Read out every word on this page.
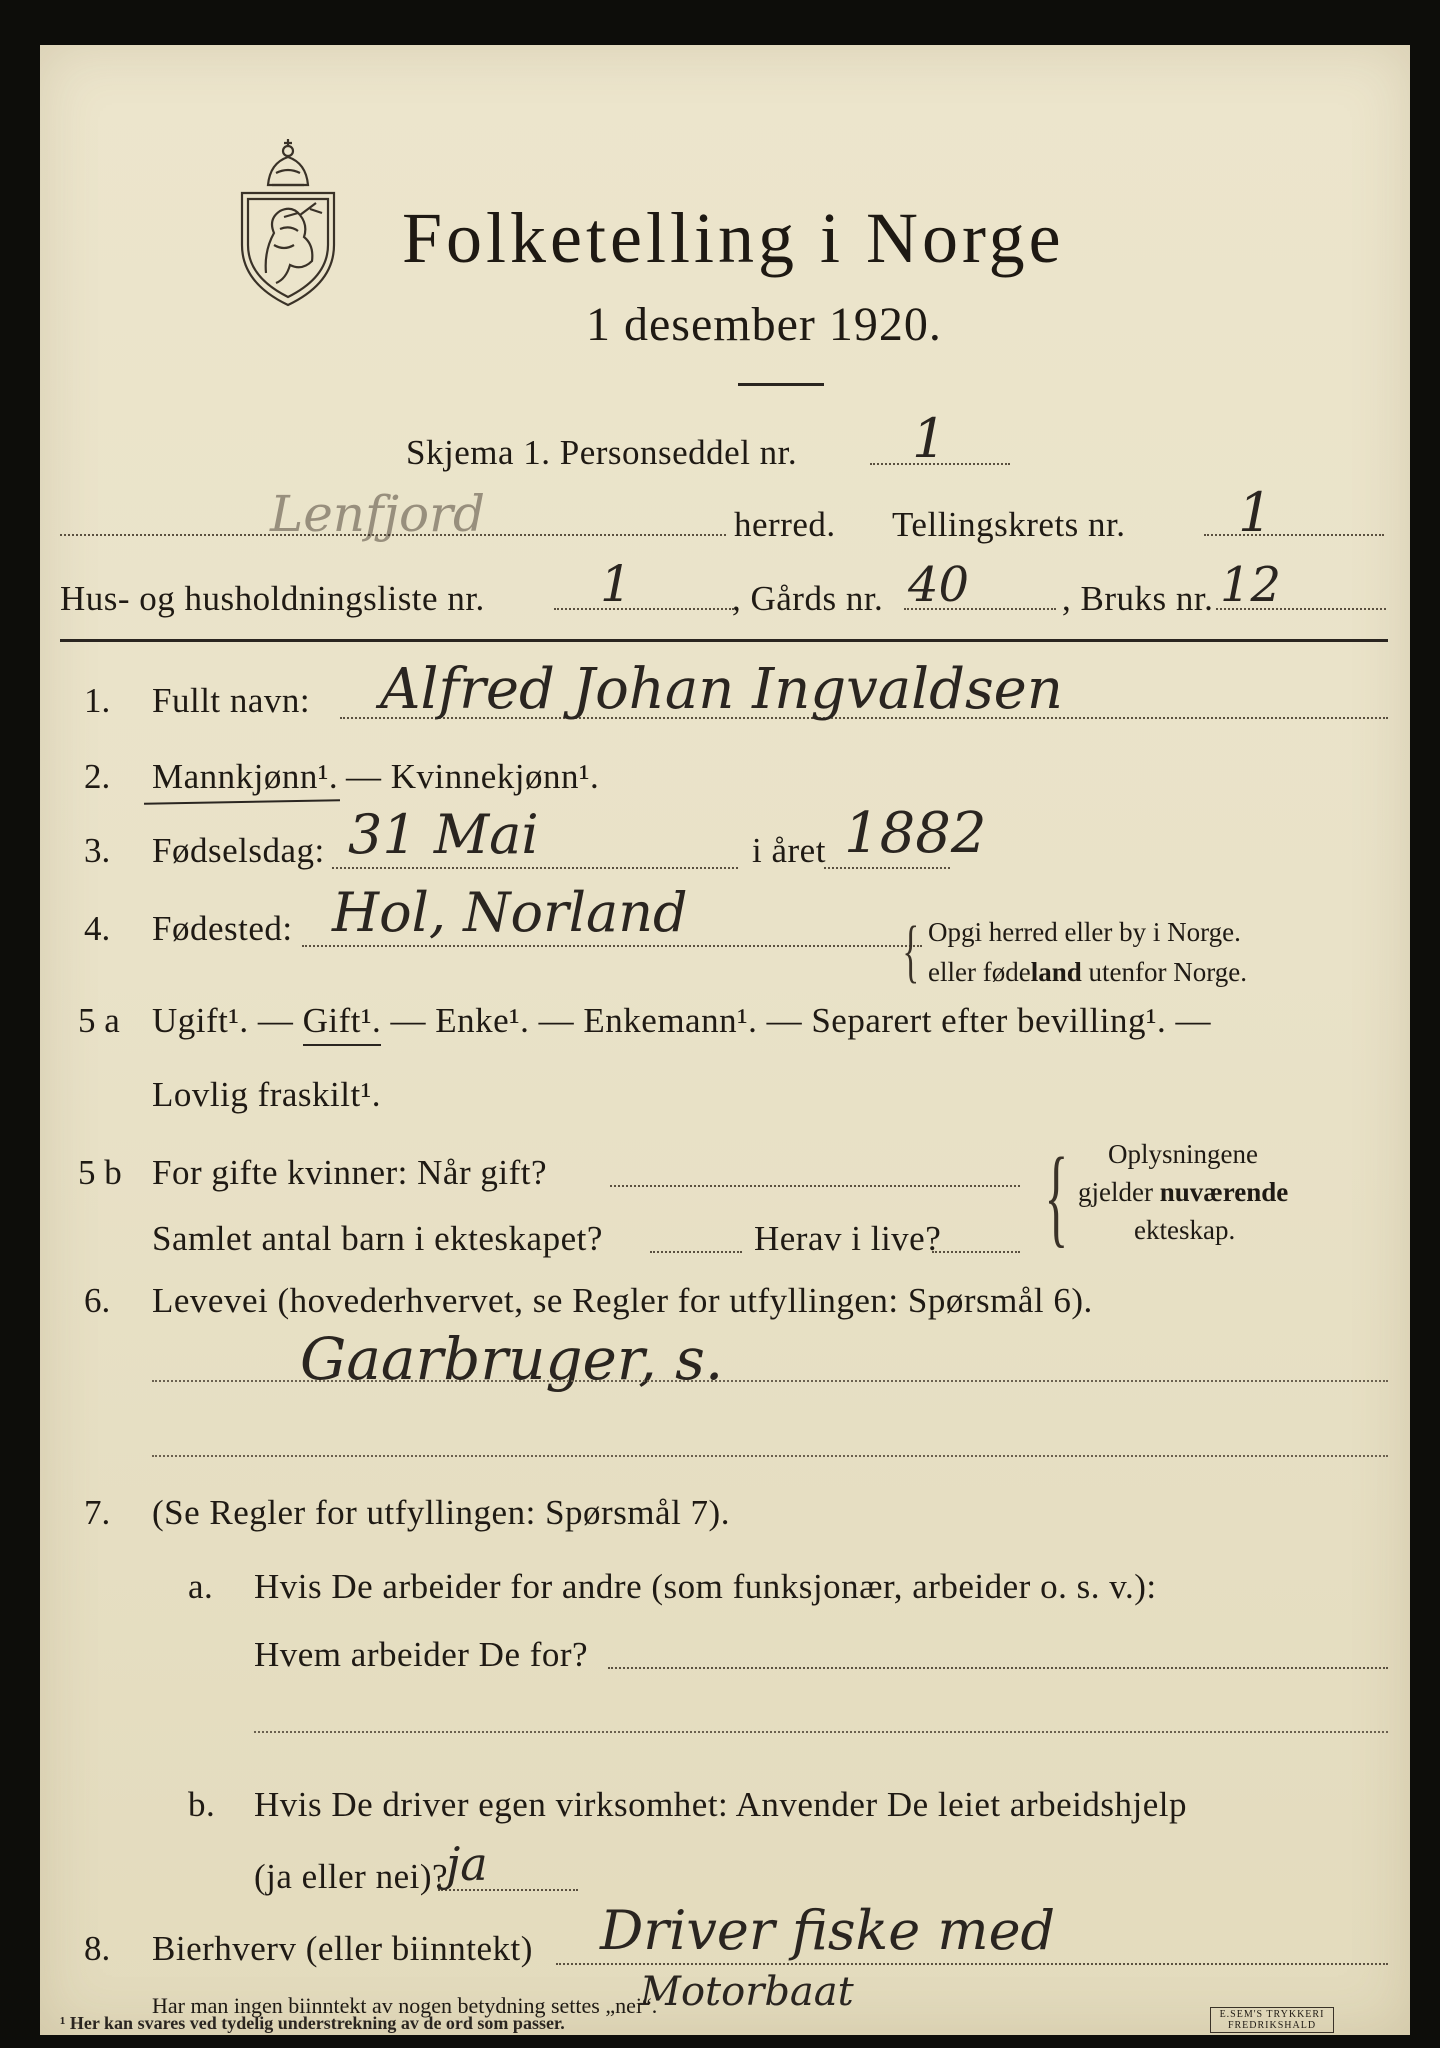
Folketelling i Norge
1 desember 1920.
Skjema 1. Personseddel nr. 1
Lenfjord	herred. Tellingskrets nr. 1
Hus- og husholdningsliste nr. 1	, Gårds nr. 40	, Bruks nr. 12
1. Fullt navn: Alfred Johan Ingvaldsen
2. Mannkjønn¹. — Kvinnekjønn¹.
3. Fødselsdag: 31 Mai	i året 1882
4. Fødested: Hol, Norland
{ Opgi herred eller by i Norge.
eller fødeland utenfor Norge.
5 a Ugift¹. — Gift¹. — Enke¹. — Enkemann¹. — Separert efter bevilling¹. —
Lovlig fraskilt¹.
5 b For gifte kvinner: Når gift?
Samlet antal barn i ekteskapet?	Herav i live? { Oplysningene
gjelder nuværende
ekteskap.
6. Levevei (hovederhvervet, se Regler for utfyllingen: Spørsmål 6).
Gaarbruger, s.
7. (Se Regler for utfyllingen: Spørsmål 7).
a. Hvis De arbeider for andre (som funksjonær, arbeider o. s. v.):
Hvem arbeider De for?
b. Hvis De driver egen virksomhet: Anvender De leiet arbeidshjelp
(ja eller nei)?
ja
8. Bierhverv (eller biinntekt) Driver fiske med
Motorbaat
Har man ingen biinntekt av nogen betydning settes „nei“.
¹ Her kan svares ved tydelig understrekning av de ord som passer.	E.SEM'S TRYKKERI FREDRIKSHALD
